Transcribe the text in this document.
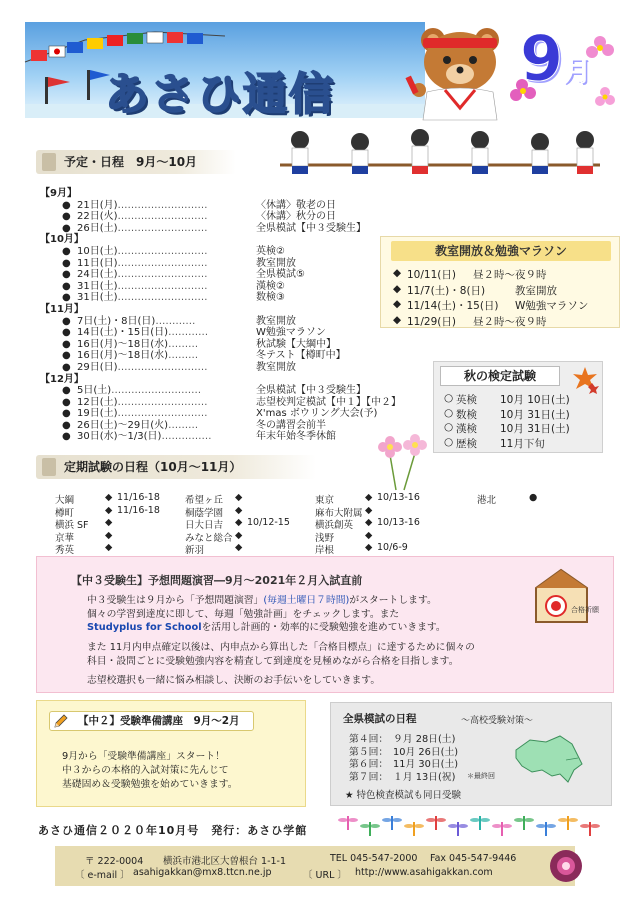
あさひ通信	9月
予定・日程　9月～10月
【9月】
● 21日(月)………………………	〈休講〉敬老の日
● 22日(火)………………………	〈休講〉秋分の日
● 26日(土)………………………	全県模試【中３受験生】
【10月】
● 10日(土)………………………	英検②
● 11日(日)………………………	教室開放
● 24日(土)………………………	全県模試⑤
● 31日(土)………………………	漢検②
● 31日(土)………………………	数検③
【11月】
● 7日(土)・8日(日)…………	教室開放
● 14日(土)・15日(日)…………	W勉強マラソン
● 16日(月)～18日(水)………	秋試験【大綱中】
● 16日(月)～18日(水)………	冬テスト【樽町中】
● 29日(日)………………………	教室開放
【12月】
● 5日(土)………………………	全県模試【中３受験生】
● 12日(土)………………………	志望校判定模試【中１】【中２】
● 19日(土)………………………	X'mas ボウリング大会(予)
● 26日(土)～29日(火)………	冬の講習会前半
● 30日(水)～1/3(日)……………	年末年始冬季休館
教室開放＆勉強マラソン
◆ 10/11(日) 昼２時～夜９時
◆ 11/7(土)・8(日)	教室開放
◆ 11/14(土)・15(日) W勉強マラソン
◆ 11/29(日) 昼２時～夜９時
秋の検定試験
○ 英検 10月 10日(土)
○ 数検 10月 31日(土)
○ 漢検 10月 31日(土)
○ 歴検 11月下旬
定期試験の日程（10月～11月）
大綱	◆ 11/16-18
樽町	◆ 11/16-18
横浜 SF ◆
京華	◆
秀英	◆
希望ヶ丘 ◆
桐蔭学園 ◆
日大日吉 ◆ 10/12-15
みなと総合 ◆
新羽	◆
東京	◆ 10/13-16
麻布大附属 ◆
横浜創英 ◆ 10/13-16
浅野	◆
岸根	◆ 10/6-9
港北	●
【中３受験生】予想問題演習―9月～2021年２月入試直前

中３受験生は９月から「予想問題演習」(毎週土曜日７時間)がスタートします。
個々の学習到達度に即して、毎週「勉強計画」をチェックします。また
Studyplus for Schoolを活用し計画的・効率的に受験勉強を進めていきます。

また 11月内申点確定以後は、内申点から算出した「合格目標点」に達するために個々の
科目・設問ごとに受験勉強内容を精査して到達度を見極めながら合格を目指します。

志望校選択も一緒に悩み相談し、決断のお手伝いをしていきます。

合格祈願
【中２】受験準備講座　9月～2月

9月から「受験準備講座」スタート！
中３からの本格的入試対策に先んじて
基礎固め＆受験勉強を始めていきます。

全県模試の日程	～高校受験対策～
★ 特色検査模試も同日受験
第４回： ９月 28日(土)
第５回： 10月 26日(土)
第６回： 11月 30日(土)
第７回： １月 13日(祝) ＊最終回
あさひ通信２０２０年10月号　発行：あさひ学館
〒 222-0004 横浜市港北区大曽根台 1-1-1	TEL 045-547-2000 Fax 045-547-9446
〔 e-mail 〕 asahigakkan@mx8.ttcn.ne.jp	〔 URL 〕 http://www.asahigakkan.com
